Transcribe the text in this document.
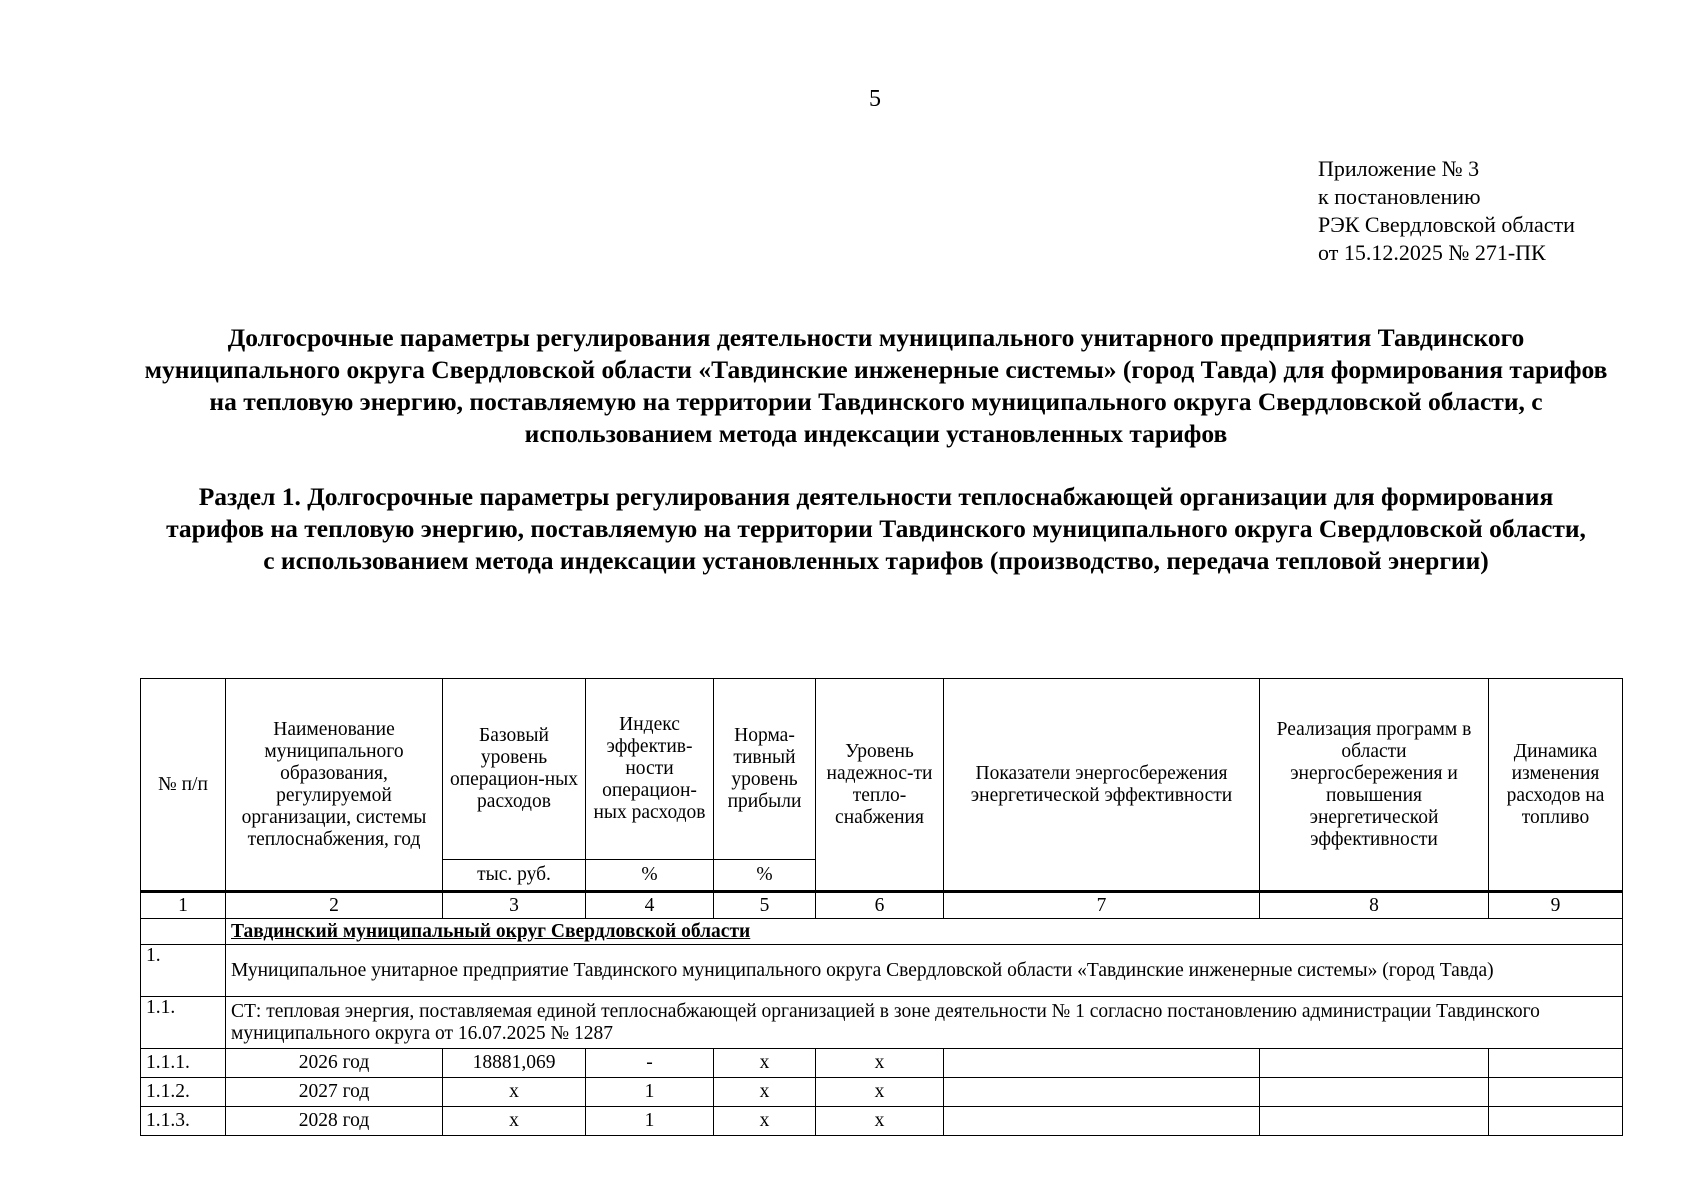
5
Приложение № 3
к постановлению
РЭК Свердловской области
от 15.12.2025 № 271-ПК
Долгосрочные параметры регулирования деятельности муниципального унитарного предприятия Тавдинского муниципального округа Свердловской области «Тавдинские инженерные системы» (город Тавда) для формирования тарифов на тепловую энергию, поставляемую на территории Тавдинского муниципального округа Свердловской области, с использованием метода индексации установленных тарифов
Раздел 1. Долгосрочные параметры регулирования деятельности теплоснабжающей организации для формирования тарифов на тепловую энергию, поставляемую на территории Тавдинского муниципального округа Свердловской области, с использованием метода индексации установленных тарифов (производство, передача тепловой энергии)
№ п/п	Наименование муниципального образования, регулируемой организации, системы теплоснабжения, год	Базовый уровень операцион-ных расходов	Индекс эффектив-ности операцион-ных расходов	Норма-тивный уровень прибыли	Уровень надежнос-ти тепло-снабжения	Показатели энергосбережения энергетической эффективности	Реализация программ в области энергосбережения и повышения энергетической эффективности	Динамика изменения расходов на топливо
		тыс. руб.	%	%				
1	2	3	4	5	6	7	8	9
	Тавдинский муниципальный округ Свердловской области							
1.	Муниципальное унитарное предприятие Тавдинского муниципального округа Свердловской области «Тавдинские инженерные системы» (город Тавда)							
1.1.	СТ: тепловая энергия, поставляемая единой теплоснабжающей организацией в зоне деятельности № 1 согласно постановлению администрации Тавдинского муниципального округа от 16.07.2025 № 1287							
1.1.1.	2026 год	18881,069	-	х	х			
1.1.2.	2027 год	х	1	х	х			
1.1.3.	2028 год	х	1	х	х			
